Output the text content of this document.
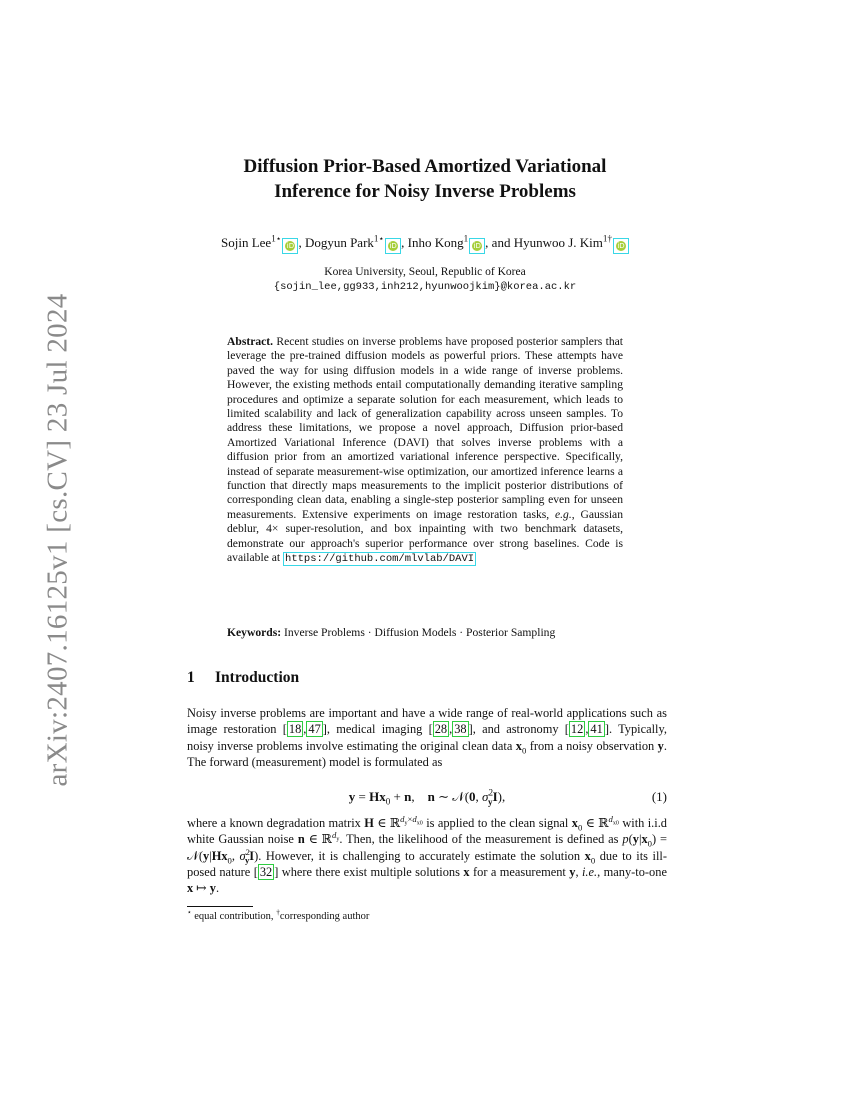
arXiv:2407.16125v1 [cs.CV] 23 Jul 2024
Diffusion Prior-Based Amortized Variational
Inference for Noisy Inverse Problems
Sojin Lee$^{1⋆}$
iD , Dogyun Park$^{1⋆}$
iD , Inho Kong$^1$
iD , and Hyunwoo J. Kim$^{1\dagger}$
iD
Korea University, Seoul, Republic of Korea
{sojin_lee,gg933,inh212,hyunwoojkim}@korea.ac.kr
Abstract. Recent studies on inverse problems have proposed posterior samplers that leverage the pre-trained diffusion models as powerful priors. These attempts have paved the way for using diffusion models in a wide range of inverse problems. However, the existing methods entail computationally demanding iterative sampling procedures and optimize a separate solution for each measurement, which leads to limited scalability and lack of generalization capability across unseen samples. To address these limitations, we propose a novel approach, Diffusion prior-based Amortized Variational Inference (DAVI) that solves inverse problems with a diffusion prior from an amortized variational inference perspective. Specifically, instead of separate measurement-wise optimization, our amortized inference learns a function that directly maps measurements to the implicit posterior distributions of corresponding clean data, enabling a single-step posterior sampling even for unseen measurements. Extensive experiments on image restoration tasks, e.g., Gaussian deblur, 4× super-resolution, and box inpainting with two benchmark datasets, demonstrate our approach's superior performance over strong baselines. Code is available at https://github.com/mlvlab/DAVI
Keywords: Inverse Problems · Diffusion Models · Posterior Sampling
1 Introduction
Noisy inverse problems are important and have a wide range of real-world applications such as image restoration [ 18 , 47 ], medical imaging [ 28 , 38 ], and astronomy [ 12 , 41 ]. Typically, noisy inverse problems involve estimating the original clean data $x_0$ from a noisy observation y. The forward (measurement) model is formulated as
$y = Hx_0 + n$,    n ∼ 𝒩(0, $\sigma^2_yI$),	(1)
where a known degradation matrix H ∈ ℝ$^{d_y\times d_{x0}}$ is applied to the clean signal $x_0$ ∈ ℝ$^{d_{x0}}$ with i.i.d white Gaussian noise n ∈ ℝ$^{d_y}$. Then, the likelihood of the measurement is defined as $p(y|x_0)$ = $𝒩(y|Hx_0$, $\sigma^2_yI$). However, it is challenging to accurately estimate the solution $x_0$ due to its ill-posed nature [ 32 ] where there exist multiple solutions x for a measurement y, i.e., many-to-one x ↦ y.
⋆ equal contribution, †corresponding author
